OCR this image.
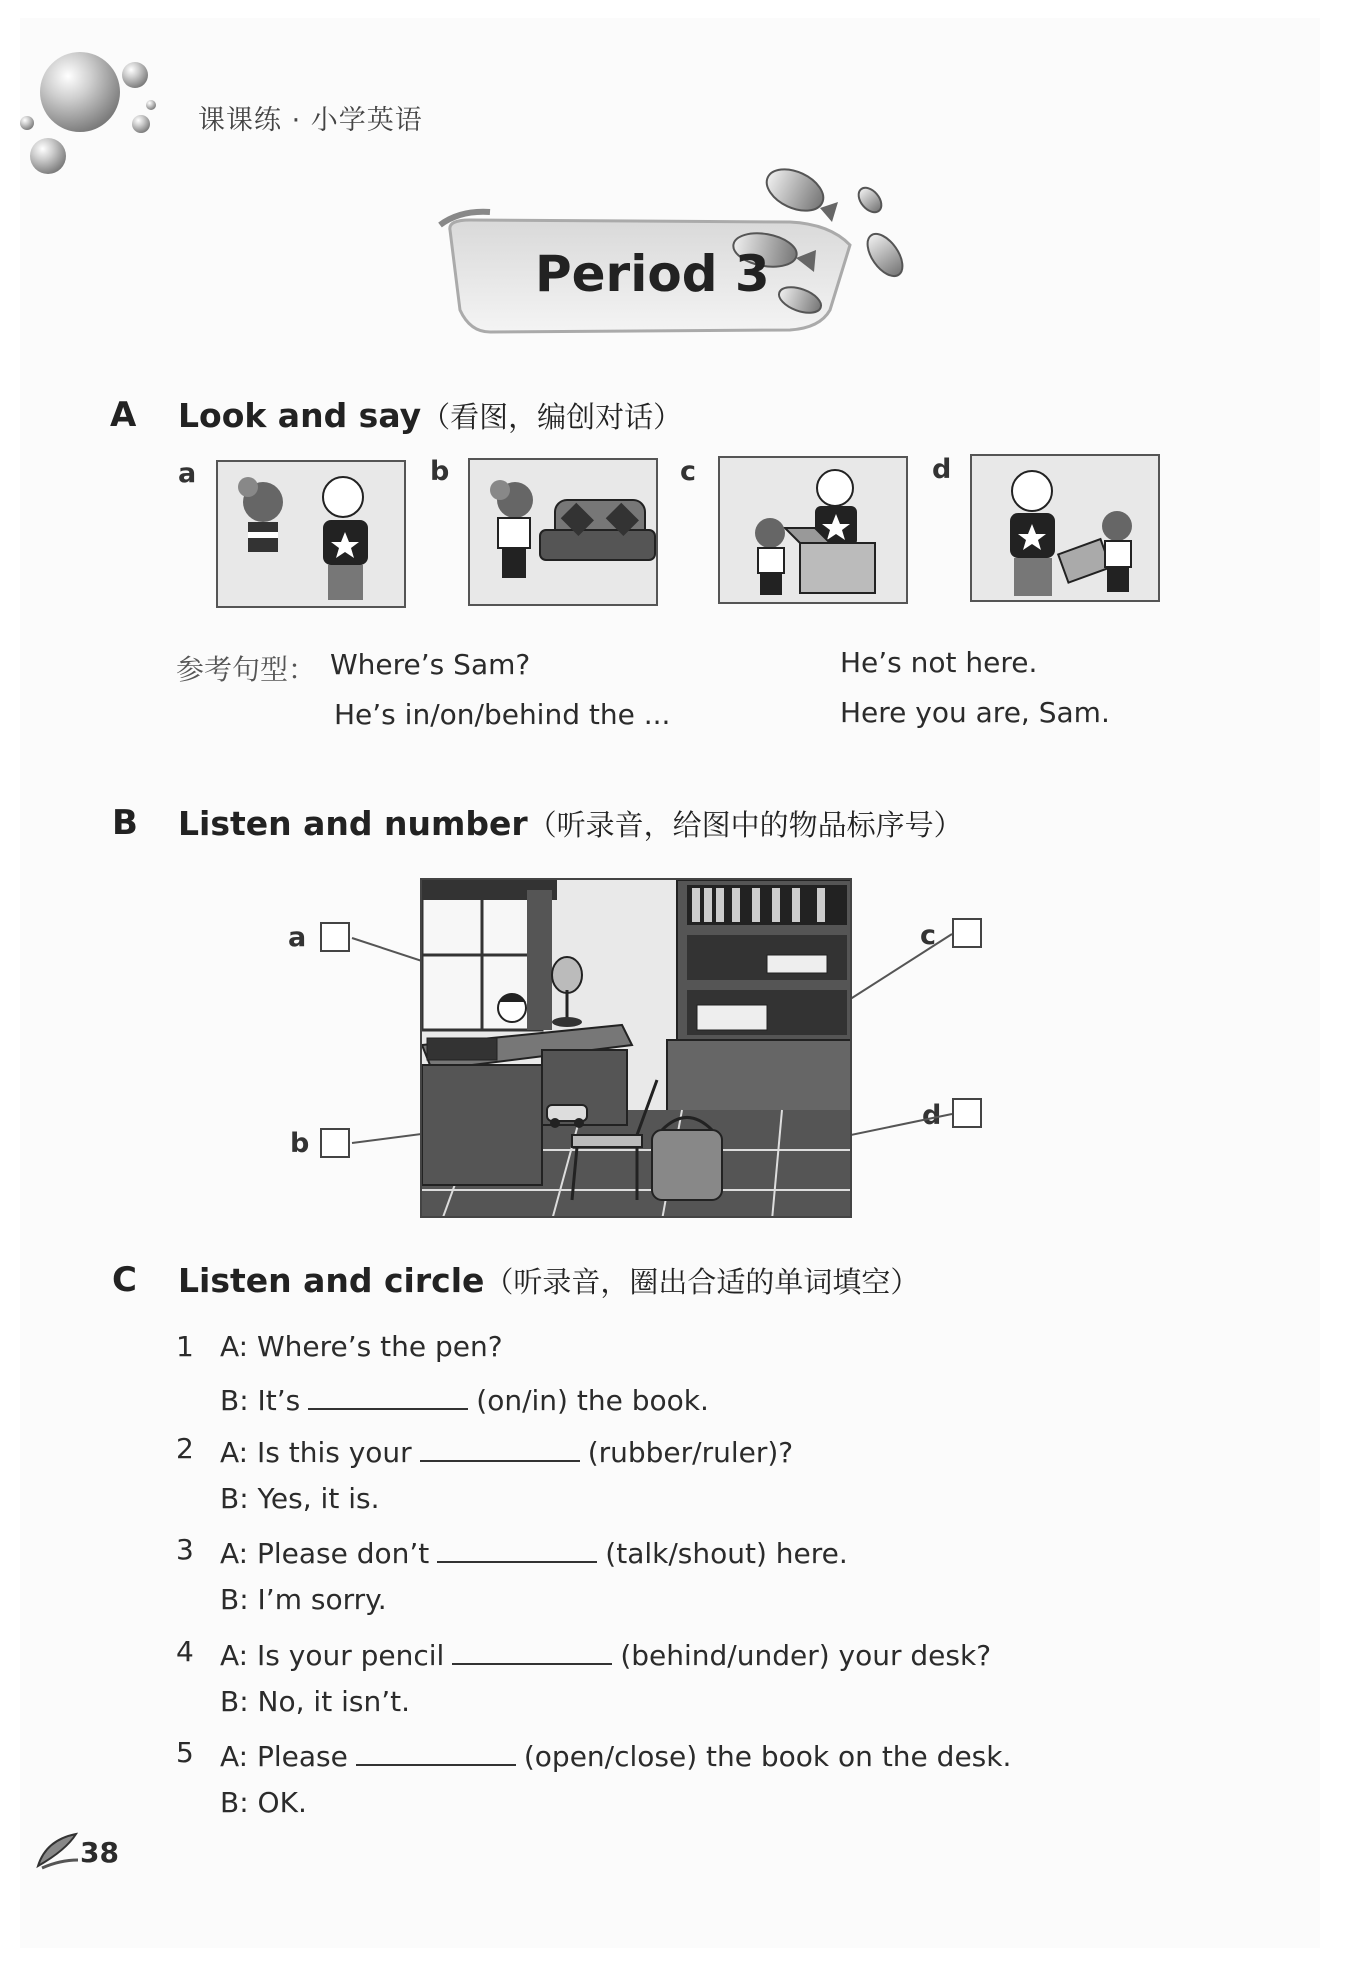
课课练 · 小学英语
Period 3
A Look and say（看图，编创对话）
a	b	c	d
参考句型： Where’s Sam?
He’s in/on/behind the ...
He’s not here.
Here you are, Sam.
B Listen and number（听录音，给图中的物品标序号）
a
b
c
d
C Listen and circle（听录音，圈出合适的单词填空）
1 A: Where’s the pen?
B: It’s	(on/in) the book.
2 A: Is this your	(rubber/ruler)?
B: Yes, it is.
3 A: Please don’t	(talk/shout) here.
B: I’m sorry.
4 A: Is your pencil	(behind/under) your desk?
B: No, it isn’t.
5 A: Please	(open/close) the book on the desk.
B: OK.
38
